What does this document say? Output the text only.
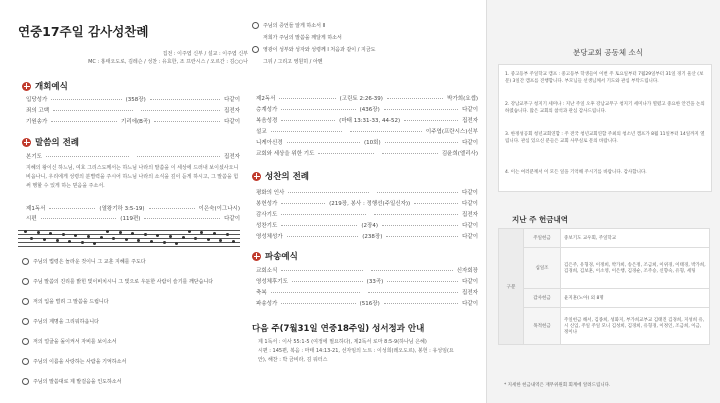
연중17주일 감사성찬례
집전 : 이주엽 신부 / 설교 : 이주엽 신부
MC : 홍태오도로, 김레슨 / 성찬 : 유효한, 조 프란시스 / 오르간 : 김○○나
개회예식
입당성가	(358장)	다같이
죄의 고백	집전자
기원송가	기리에(B곡)	다같이
본기도	집전자
제1독서	(열왕기하 3:5-19)	이은숙(이그나시)
시편	(119편)	다같이
말씀의 전례
지혜의 왕이신 하느님, 여호 그리스도께서는 하느님 나라의 말씀을 이 세상에 드러내 보이셨사오니 비옵나니, 우리에게 성령의 분별력을 주시어 하느님 나라의 소식을 깊이 듣게 하시고, 그 말씀을 힘써 행할 수 있게 하는 믿음을 주소서.
주님의 법령은 놀라운 것이니 그 교훈 지혜를 주도다
주님 말씀의 진리를 밝힌 빛이비치시니 그 빛으로 우둔한 사람이 슬기를 깨닫습니다
저의 입을 벌려 그 말씀을 드립니다
주님의 계명을 그리워하옵니다
저의 얼굴을 돌이켜서 자비를 보이소서
주님의 이름을 사랑하는 사람을 기억하소서
주님의 말씀대로 제 발걸음을 인도하소서
주님의 증언들 알게 하소서 II
저희가 주님의 말씀을 깨달게 하소서
영광이 성부와 성자와 성령께 I 처음과 같이 / 지금도
그뒤 / 그리고 영원히 / 아멘
제2독서	(고린토 2:26-39)	박가희(요셉)
층계성가	(436장)	다같이
복음성경	(마태 13:31-33, 44-52)	집전자
설교	이주엽(프란시스)신부
니케아신경	(10회)	다같이
교회와 세상을 위한 기도	김윤희(엘리사)
성찬의 전례
평화의 인사	다같이
봉헌성가	(219장, 봉사 : 정행선(주일신자))	다같이
감사기도	집전자
성찬기도	(2장4)	다같이
영성체성가	(238장)	다같이
파송예식
교회소식	신자회장
영성체후기도	(33곡)	다같이
축복	집전자
파송성가	(516장)	다같이
다음 주(7월31일 연중18주일) 성서정과 안내
제 1독서 : 이사 55:1-5 (여정에 필요하다), 제2독서 로마 8:5-9(하나님 은혜)
시편 : 145편, 복음 : 마태 14:13-21, 선자임의 노트 : 이성희(레오도르), 봉헌 : 유성임(요
안), 해찬 : 박 금비라, 김 워터스
분당교회 공동체 소식

1. 중고등부 주일학교 캠프 : 중고등부 학생들이 이번 주 토요일부터 7월29일부터 31일 경기 울산 (보문) 3일간 캠프를 진행합니다. 부모님들 선생님께서 기도와 관심 부탁드립니다.

2. 강남교무구 청지기 세미나 : 지난 주일 오후 강남교무구 청지기 세미나가 열렸고 중요한 안건을 논의하였습니다. 많은 교회의 참석과 관심 감사드립니다.

3. 한정성공회 청년교회연합 : 주 전국 청년교회연합 주최의 청소년 캠프가 8월 11일부터 14일까지 열립니다. 관심 있으신 분들은 교회 사무실로 문의 바랍니다.

4. 이는 여러분께서 이 모든 일을 기억해 주시기를 바랍니다. 감사합니다.

지난 주 헌금내역
구분	주일헌금	중보기도 교우회, 주일학교
	십일조	김은주, 유형경, 이정희, 박가희, 송은정, 조금희, 이위경, 이태경, 박가희, 김경희, 김보훈, 이소영, 이은행, 김경순, 조주승, 신향숙, 유형, 세팅
	감사헌금	윤지훈(노아) 외 8명
	목적헌금	주일헌금 해서, 김종희, 성화지, 부가희교부교 김태진 김경희, 지성희 유, 시 신입, 주일 주일 모니 김성희, 김경희, 유형경, 이정인, 조금희, 이금, 정이나
* 지세한 헌금내역은 재무위원회 회계에 알려드립니다.
